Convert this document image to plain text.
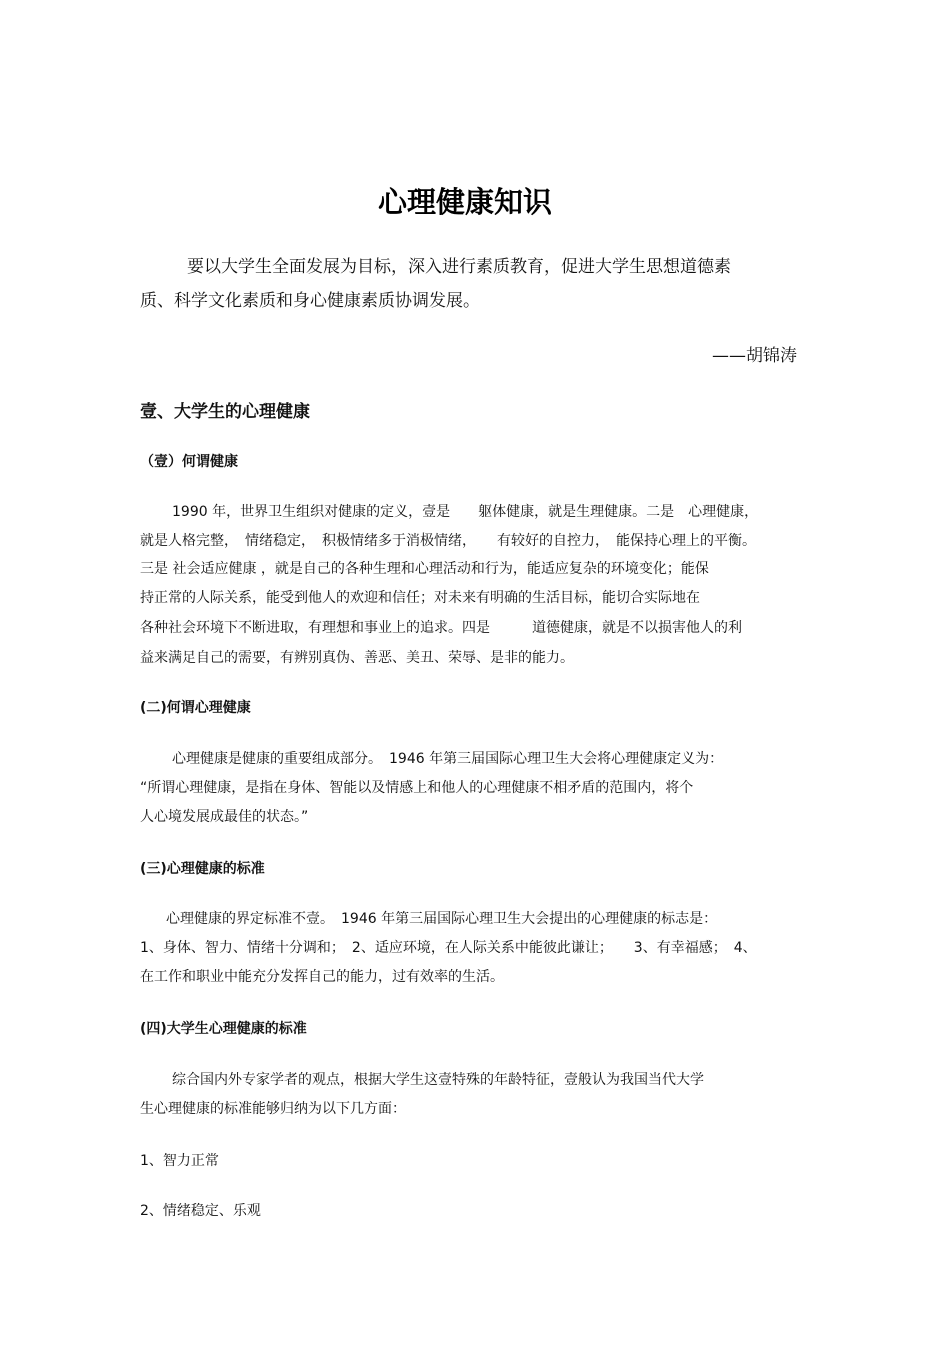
心理健康知识

要以大学生全面发展为目标，深入进行素质教育，促进大学生思想道德素

质、科学文化素质和身心健康素质协调发展。

——胡锦涛

壹、大学生的心理健康
（壹）何谓健康

1990 年，世界卫生组织对健康的定义，壹是　　躯体健康，就是生理健康。二是　心理健康，

就是人格完整，　情绪稳定，　积极情绪多于消极情绪，　　有较好的自控力，　能保持心理上的平衡。

三是 社会适应健康 ，就是自己的各种生理和心理活动和行为，能适应复杂的环境变化；能保

持正常的人际关系，能受到他人的欢迎和信任；对未来有明确的生活目标，能切合实际地在

各种社会环境下不断进取，有理想和事业上的追求。四是　　　道德健康，就是不以损害他人的利

益来满足自己的需要，有辨别真伪、善恶、美丑、荣辱、是非的能力。

(二)何谓心理健康

心理健康是健康的重要组成部分。　1946 年第三届国际心理卫生大会将心理健康定义为：

“所谓心理健康，是指在身体、智能以及情感上和他人的心理健康不相矛盾的范围内，将个

人心境发展成最佳的状态。”

(三)心理健康的标准

心理健康的界定标准不壹。　1946 年第三届国际心理卫生大会提出的心理健康的标志是：

1、身体、智力、情绪十分调和；　2、适应环境，在人际关系中能彼此谦让；　　3、有幸福感；　4、

在工作和职业中能充分发挥自己的能力，过有效率的生活。

(四)大学生心理健康的标准

综合国内外专家学者的观点，根据大学生这壹特殊的年龄特征，壹般认为我国当代大学

生心理健康的标准能够归纳为以下几方面：

1、智力正常

2、情绪稳定、乐观
